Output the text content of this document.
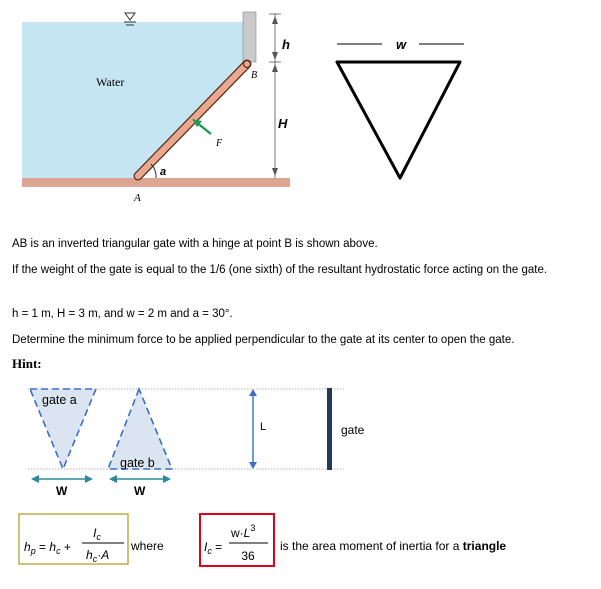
Water
h
H
B
F
a
A
w
AB is an inverted triangular gate with a hinge at point B is shown above.
If the weight of the gate is equal to the 1/6 (one sixth) of the resultant hydrostatic force acting on the gate.
h = 1 m, H = 3 m, and w = 2 m and a = 30°.
Determine the minimum force to be applied perpendicular to the gate at its center to open the gate.
Hint:
gate a
gate b
W	W
L	gate
$h_p = h_c$ +
$I_c$
$h_c\cdot A$
where	$I_c$ =
$w\cdot L^3$
36
is the area moment of inertia for a triangle
